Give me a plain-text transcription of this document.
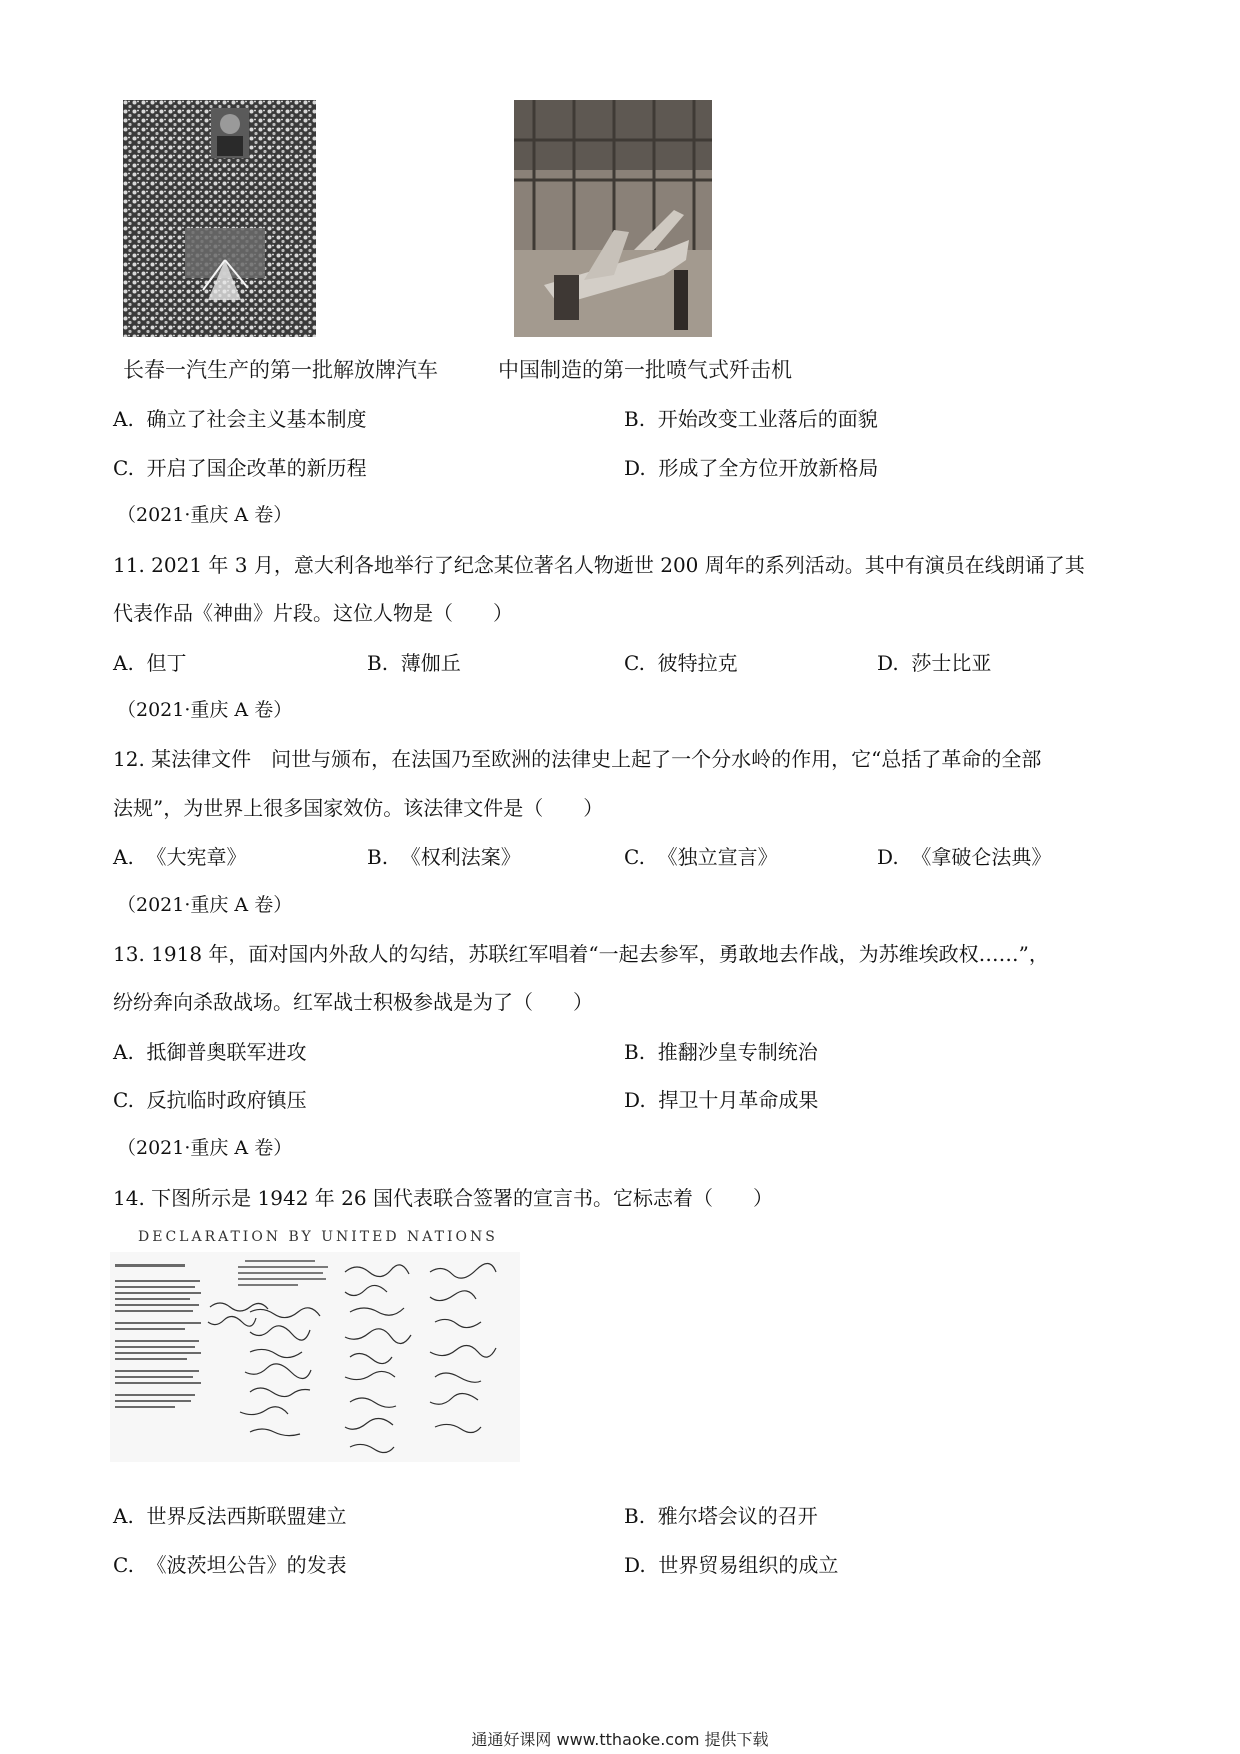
长春一汽生产的第一批解放牌汽车	中国制造的第一批喷气式歼击机
A. 确立了社会主义基本制度	B. 开始改变工业落后的面貌
C. 开启了国企改革的新历程	D. 形成了全方位开放新格局
（2021·重庆 A 卷）
11. 2021 年 3 月，意大利各地举行了纪念某位著名人物逝世 200 周年的系列活动。其中有演员在线朗诵了其
代表作品《神曲》片段。这位人物是（　　）
A. 但丁	B. 薄伽丘	C. 彼特拉克	D. 莎士比亚
（2021·重庆 A 卷）
12. 某法律文件　问世与颁布，在法国乃至欧洲的法律史上起了一个分水岭的作用，它“总括了革命的全部
法规”，为世界上很多国家效仿。该法律文件是（　　）
A. 《大宪章》	B. 《权利法案》	C. 《独立宣言》	D. 《拿破仑法典》
（2021·重庆 A 卷）
13. 1918 年，面对国内外敌人的勾结，苏联红军唱着“一起去参军，勇敢地去作战，为苏维埃政权……”，
纷纷奔向杀敌战场。红军战士积极参战是为了（　　）
A. 抵御普奥联军进攻	B. 推翻沙皇专制统治
C. 反抗临时政府镇压	D. 捍卫十月革命成果
（2021·重庆 A 卷）
14. 下图所示是 1942 年 26 国代表联合签署的宣言书。它标志着（　　）
DECLARATION BY UNITED NATIONS
A. 世界反法西斯联盟建立	B. 雅尔塔会议的召开
C. 《波茨坦公告》的发表	D. 世界贸易组织的成立
通通好课网 www.tthaoke.com 提供下载
